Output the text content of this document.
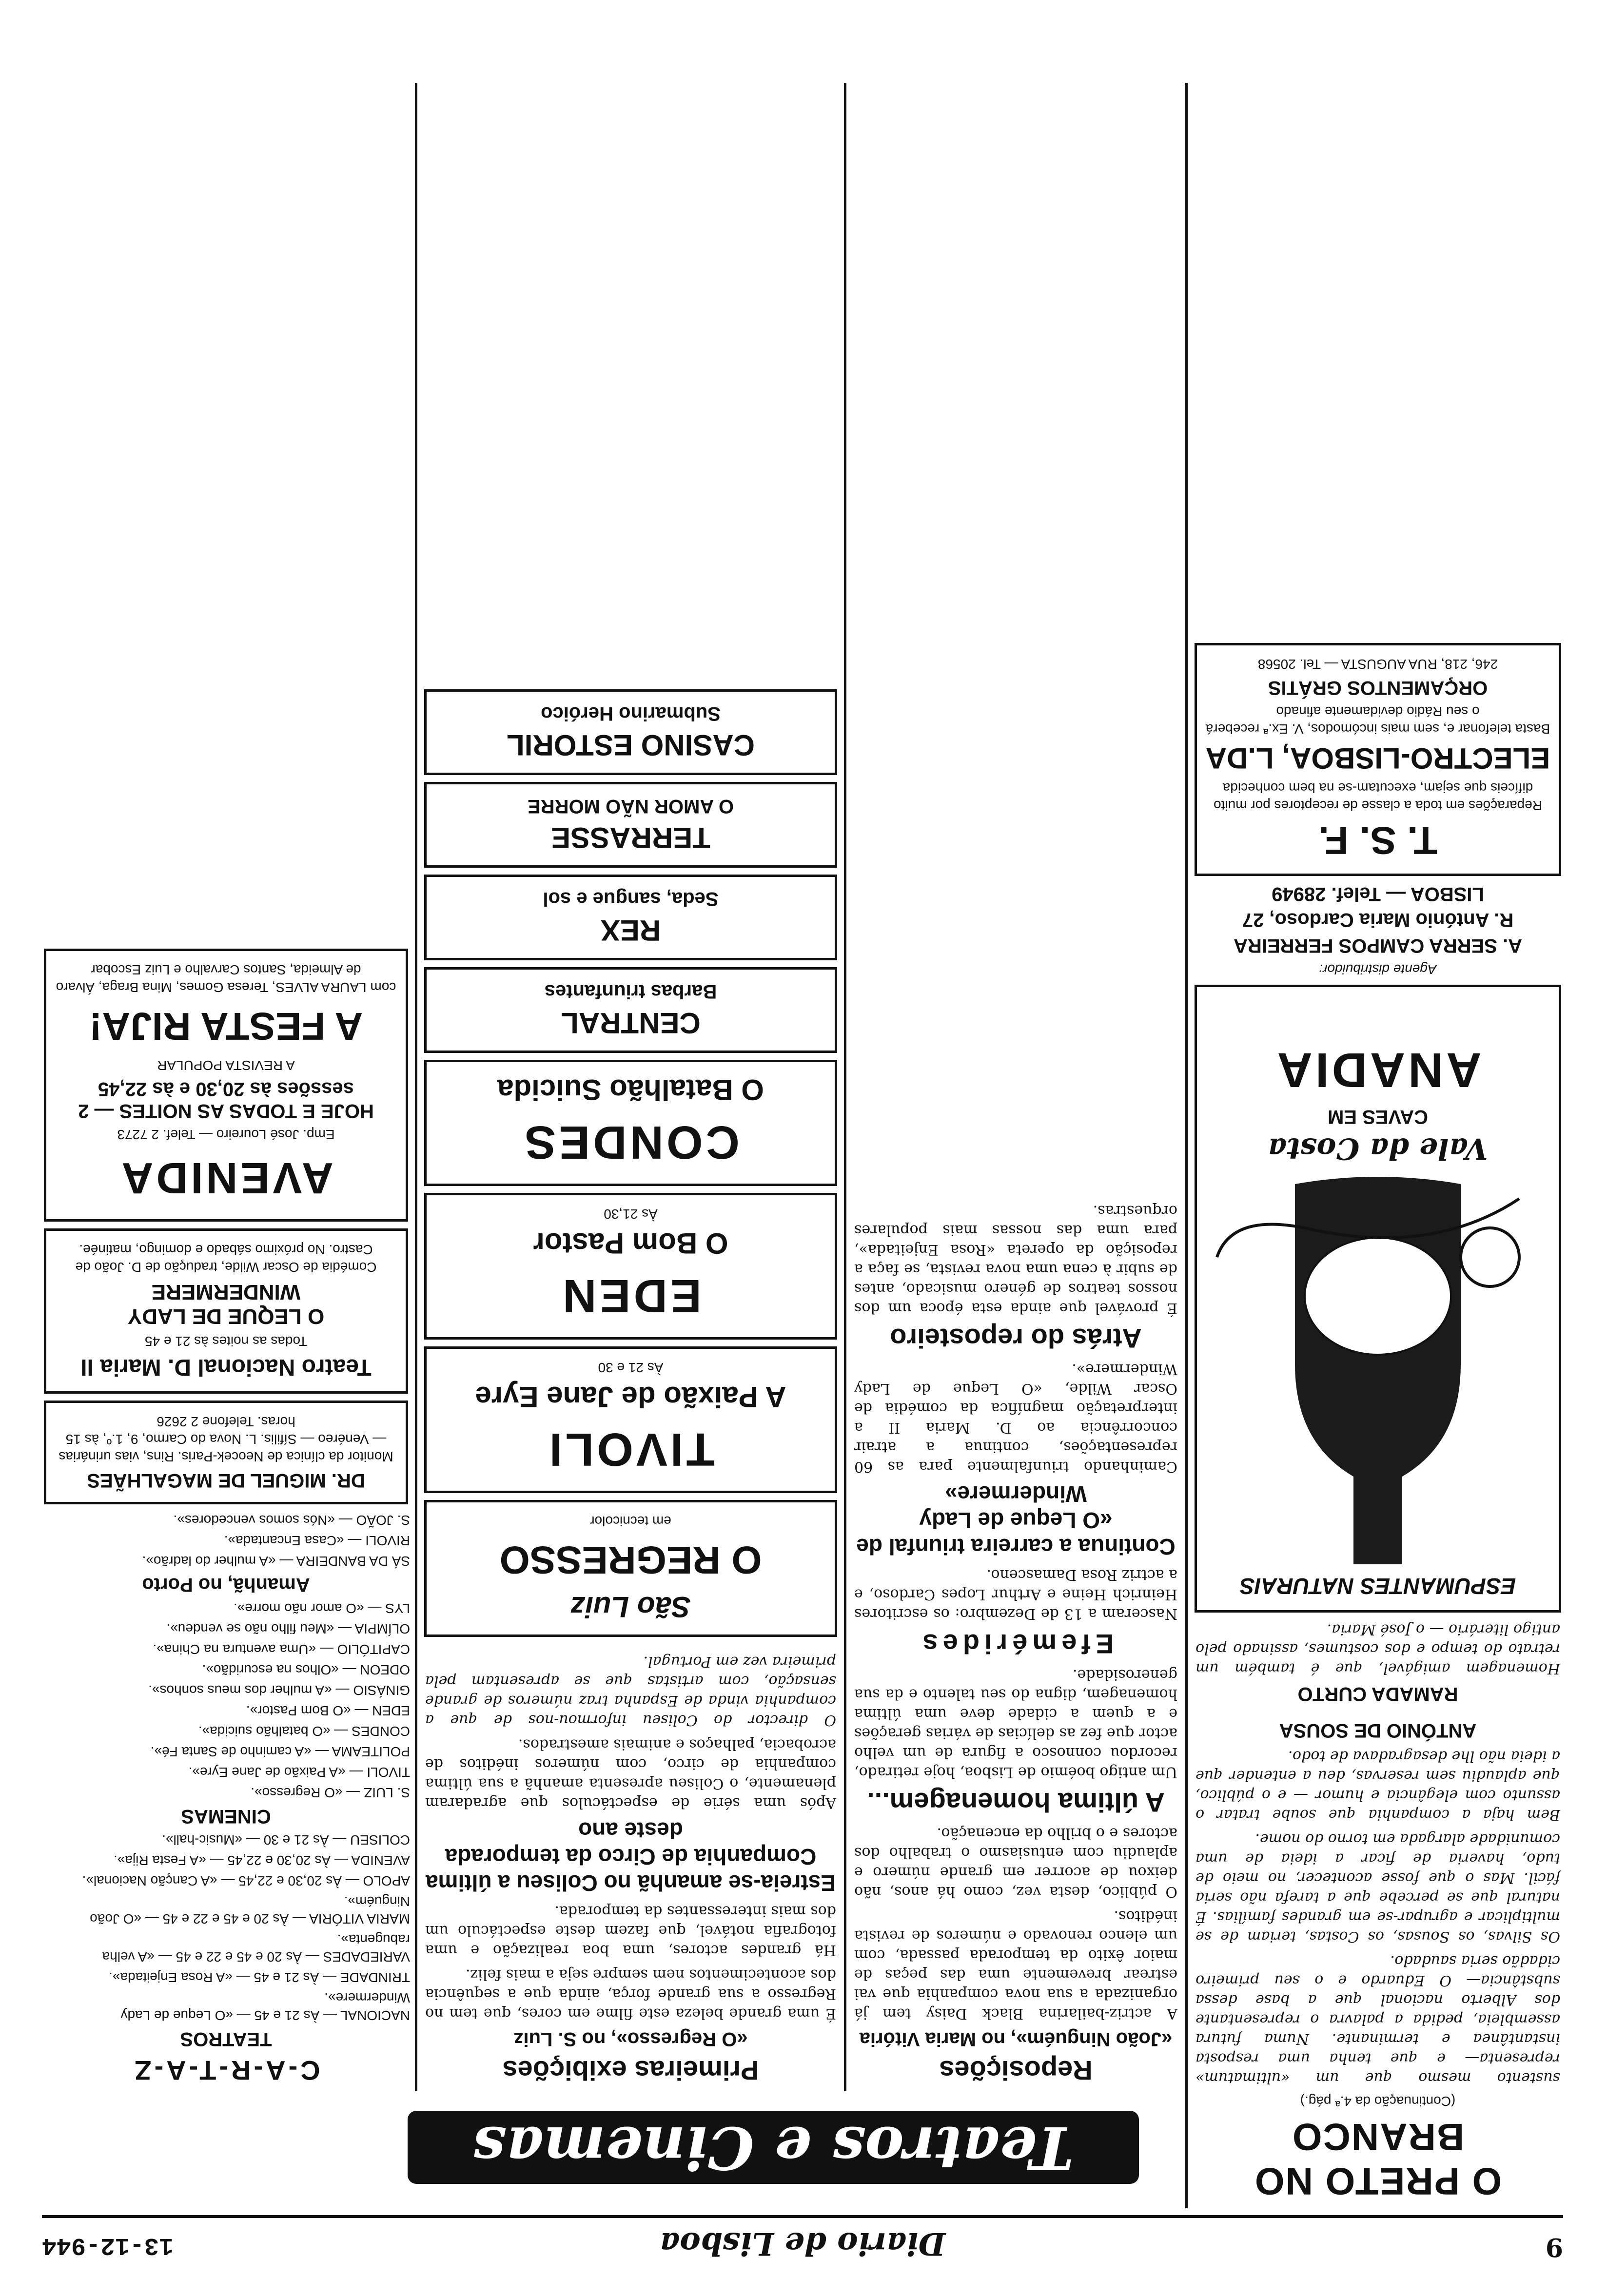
13-12-944	Diario de Lisboa	9
Teatros e Cinemas	O PRETO NO BRANCO
(Continuação da 4.ª pág.)
sustento mesmo que um «ultimatum» representa— e que tenha uma resposta instantânea e terminante. Numa futura assembleia, pedida a palavra o representante dos Alberto nacional que a base dessa substância— O Eduardo e o seu primeiro cidadão seria saudado.
Os Silvas, os Sousas, os Costas, teriam de se multiplicar e agrupar-se em grandes famílias. É natural que se percebe que a tarefa não seria fácil. Mas o que fosse acontecer, no meio de tudo, haveria de ficar a ideia de uma comunidade alargada em torno do nome.
Bem haja a companhia que soube tratar o assunto com elegância e humor — e o público, que aplaudiu sem reservas, deu a entender que a ideia não lhe desagradava de todo.
ANTÓNIO DE SOUSA
RAMADA CURTO
Homenagem amigável, que é também um retrato do tempo e dos costumes, assinado pelo antigo literário — o José Maria.
ESPUMANTES NATURAIS
Vale da Costa
CAVES EM
ANADIA
Agente distribuidor:
A. SERRA CAMPOS FERREIRA
R. António Maria Cardoso, 27
LISBOA — Telef. 28949
T. S. F.
Reparações em toda a classe de receptores por muito difíceis que sejam, executam-se na bem conhecida
ELECTRO-LISBOA, L.DA
Basta telefonar e, sem mais incómodos, V. Ex.ª receberá o seu Rádio devidamente afinado
ORÇAMENTOS GRÁTIS
246, 218, RUA AUGUSTA — Tel. 20568
Reposições
«João Ninguém», no Maria Vitória
A actriz-bailarina Black Daisy tem já organizada a sua nova companhia que vai estrear brevemente uma das peças de maior êxito da temporada passada, com um elenco renovado e números de revista inéditos.
O público, desta vez, como há anos, não deixou de acorrer em grande número e aplaudiu com entusiasmo o trabalho dos actores e o brilho da encenação.
A última homenagem...
Um antigo boémio de Lisboa, hoje retirado, recordou connosco a figura de um velho actor que fez as delícias de várias gerações e a quem a cidade deve uma última homenagem, digna do seu talento e da sua generosidade.
Efemérides
Nasceram a 13 de Dezembro: os escritores Heinrich Heine e Arthur Lopes Cardoso, e a actriz Rosa Damasceno.
Continua a carreira triunfal de «O Leque de Lady Windermere»
Caminhando triunfalmente para as 60 representações, continua a atrair concorrência ao D. Maria II a interpretação magnífica da comédia de Oscar Wilde, «O Leque de Lady Windermere».
Atrás do reposteiro
É provável que ainda esta época um dos nossos teatros de género musicado, antes de subir à cena uma nova revista, se faça a reposição da opereta «Rosa Enjeitada», para uma das nossas mais populares orquestras.
Primeiras exibições
«O Regresso», no S. Luiz
É uma grande beleza este filme em cores, que tem no Regresso a sua grande força, ainda que a sequência dos acontecimentos nem sempre seja a mais feliz.
Há grandes actores, uma boa realização e uma fotografia notável, que fazem deste espectáculo um dos mais interessantes da temporada.
Estreia-se amanhã no Coliseu a última Companhia de Circo da temporada deste ano
Após uma série de espectáculos que agradaram plenamente, o Coliseu apresenta amanhã a sua última companhia de circo, com números inéditos de acrobacia, palhaços e animais amestrados.
O director do Coliseu informou-nos de que a companhia vinda de Espanha traz números de grande sensação, com artistas que se apresentam pela primeira vez em Portugal.
São Luiz
O REGRESSO
em tecnicolor
TIVOLI
A Paixão de Jane Eyre
Às 21 e 30
EDEN
O Bom Pastor
Às 21,30
CONDES
O Batalhão Suicida
CENTRAL
Barbas triunfantes
REX
Seda, sangue e sol
TERRASSE
O AMOR NÃO MORRE
CASINO ESTORIL
Submarino Heróico
C-A-R-T-A-Z
TEATROS
NACIONAL — Às 21 e 45 — «O Leque de Lady Windermere».
TRINDADE — Às 21 e 45 — «A Rosa Enjeitada».
VARIEDADES — Às 20 e 45 e 22 e 45 — «A velha rabugenta».
MARIA VITÓRIA — Às 20 e 45 e 22 e 45 — «O João Ninguém».
APOLO — Às 20,30 e 22,45 — «A Canção Nacional».
AVENIDA — Às 20,30 e 22,45 — «A Festa Rija».
COLISEU — Às 21 e 30 — «Music-hall».
CINEMAS
S. LUIZ — «O Regresso».
TIVOLI — «A Paixão de Jane Eyre».
POLITEAMA — «A caminho de Santa Fé».
CONDES — «O batalhão suicida».
EDEN — «O Bom Pastor».
GINÁSIO — «A mulher dos meus sonhos».
ODEON — «Olhos na escuridão».
CAPITÓLIO — «Uma aventura na China».
OLÍMPIA — «Meu filho não se vendeu».
LYS — «O amor não morre».
Amanhã, no Porto
SÁ DA BANDEIRA — «A mulher do ladrão».
RIVOLI — «Casa Encantada».
S. JOÃO — «Nós somos vencedores».
DR. MIGUEL DE MAGALHÃES
Monitor da clínica de Neocek-Paris. Rins, vias urinárias — Venéreo — Sífilis. L. Nova do Carmo, 9, 1.º, às 15 horas. Telefone 2 2626
Teatro Nacional D. Maria II
Todas as noites às 21 e 45
O LEQUE DE LADY WINDERMERE
Comédia de Oscar Wilde, tradução de D. João de Castro. No próximo sábado e domingo, matinée.
AVENIDA
Emp. José Loureiro — Telef. 2 7273
HOJE E TODAS AS NOITES — 2 sessões às 20,30 e às 22,45
A REVISTA POPULAR
A FESTA RIJA!
com LAURA ALVES, Teresa Gomes, Mina Braga, Álvaro de Almeida, Santos Carvalho e Luiz Escobar
